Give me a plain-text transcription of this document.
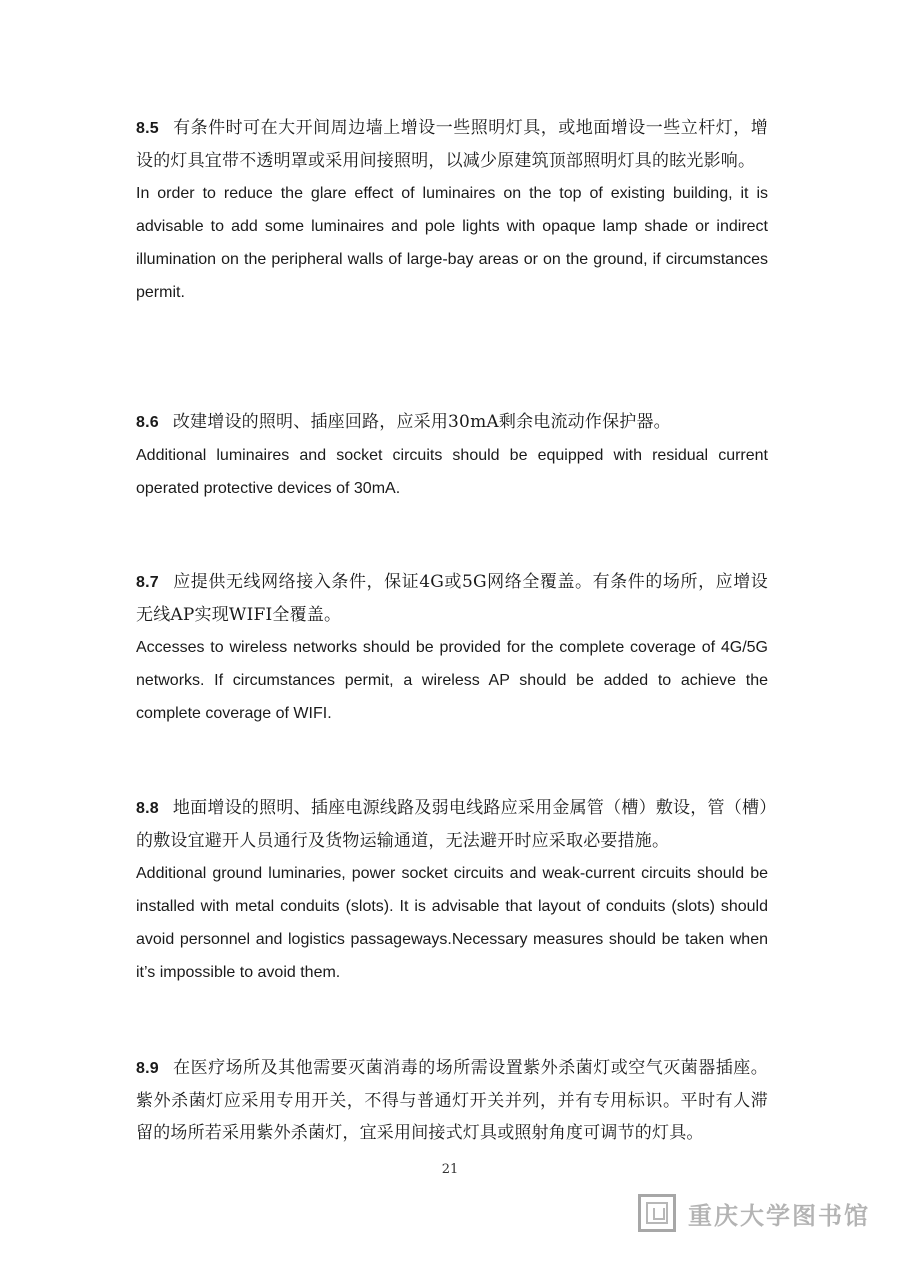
8.5 有条件时可在大开间周边墙上增设一些照明灯具，或地面增设一些立杆灯，增设的灯具宜带不透明罩或采用间接照明，以减少原建筑顶部照明灯具的眩光影响。
In order to reduce the glare effect of luminaires on the top of existing building, it is advisable to add some luminaires and pole lights with opaque lamp shade or indirect illumination on the peripheral walls of large-bay areas or on the ground, if circumstances permit.
8.6 改建增设的照明、插座回路，应采用30mA剩余电流动作保护器。
Additional luminaires and socket circuits should be equipped with residual current operated protective devices of 30mA.
8.7 应提供无线网络接入条件，保证4G或5G网络全覆盖。有条件的场所，应增设无线AP实现WIFI全覆盖。
Accesses to wireless networks should be provided for the complete coverage of 4G/5G networks. If circumstances permit, a wireless AP should be added to achieve the complete coverage of WIFI.
8.8 地面增设的照明、插座电源线路及弱电线路应采用金属管（槽）敷设，管（槽）的敷设宜避开人员通行及货物运输通道，无法避开时应采取必要措施。
Additional ground luminaries, power socket circuits and weak-current circuits should be installed with metal conduits (slots). It is advisable that layout of conduits (slots) should avoid personnel and logistics passageways.Necessary measures should be taken when it’s impossible to avoid them.
8.9 在医疗场所及其他需要灭菌消毒的场所需设置紫外杀菌灯或空气灭菌器插座。紫外杀菌灯应采用专用开关，不得与普通灯开关并列，并有专用标识。平时有人滞留的场所若采用紫外杀菌灯，宜采用间接式灯具或照射角度可调节的灯具。
21
重庆大学图书馆
